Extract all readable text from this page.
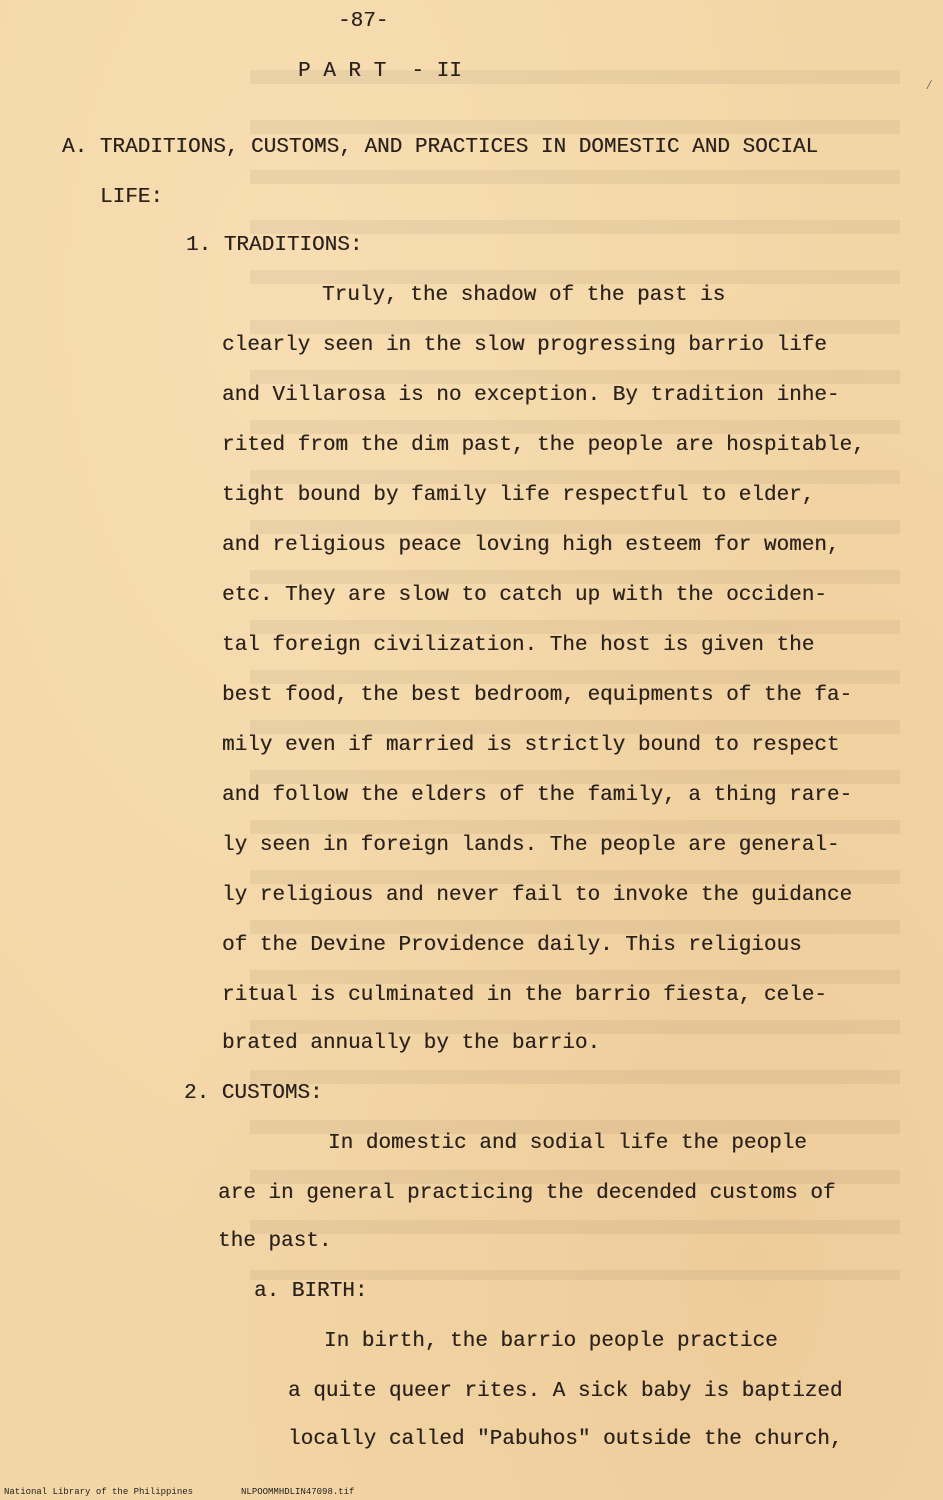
-87-
P A R T  - II
⁄
A. TRADITIONS, CUSTOMS, AND PRACTICES IN DOMESTIC AND SOCIAL
LIFE:
1. TRADITIONS:
Truly, the shadow of the past is
clearly seen in the slow progressing barrio life
and Villarosa is no exception. By tradition inhe-
rited from the dim past, the people are hospitable,
tight bound by family life respectful to elder,
and religious peace loving high esteem for women,
etc. They are slow to catch up with the occiden-
tal foreign civilization. The host is given the
best food, the best bedroom, equipments of the fa-
mily even if married is strictly bound to respect
and follow the elders of the family, a thing rare-
ly seen in foreign lands. The people are general-
ly religious and never fail to invoke the guidance
of the Devine Providence daily. This religious
ritual is culminated in the barrio fiesta, cele-
brated annually by the barrio.
2. CUSTOMS:
In domestic and sodial life the people
are in general practicing the decended customs of
the past.
a. BIRTH:
In birth, the barrio people practice
a quite queer rites. A sick baby is baptized
locally called "Pabuhos" outside the church,
National Library of the Philippines	NLPOOMMHDLIN47098.tif
